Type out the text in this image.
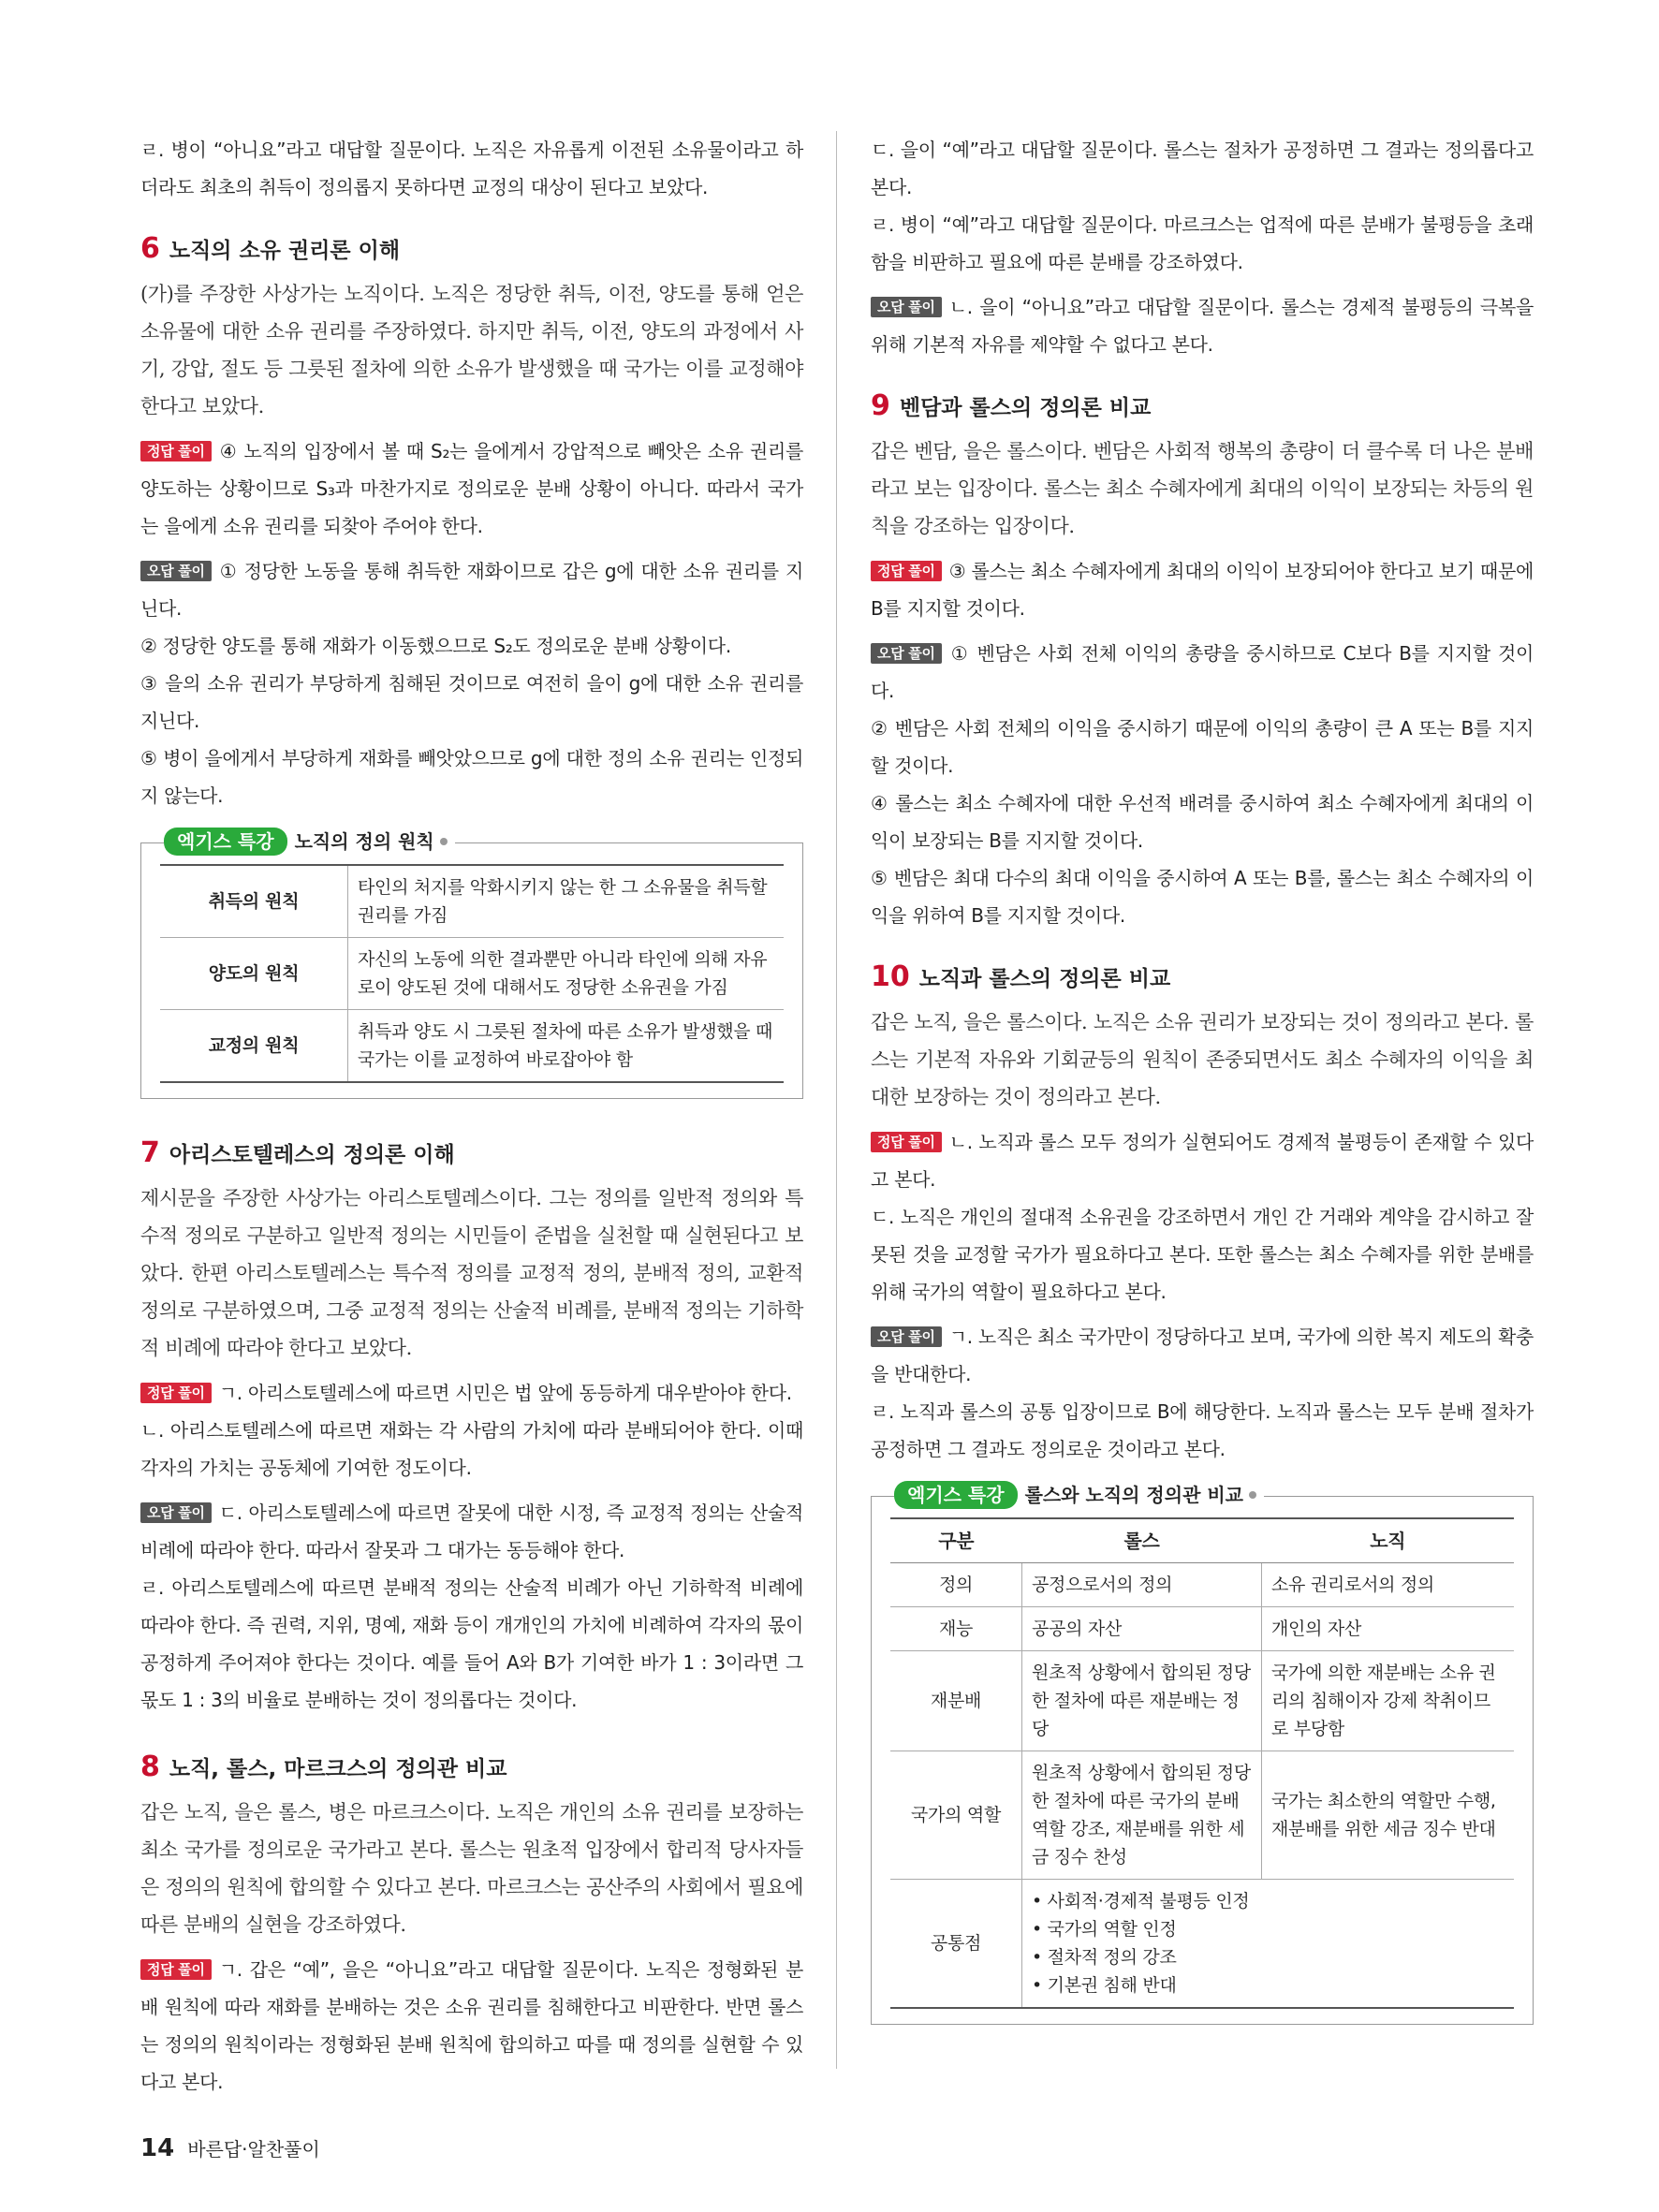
ㄹ. 병이 “아니요”라고 대답할 질문이다. 노직은 자유롭게 이전된 소유물이라고 하더라도 최초의 취득이 정의롭지 못하다면 교정의 대상이 된다고 보았다.

6 노직의 소유 권리론 이해

(가)를 주장한 사상가는 노직이다. 노직은 정당한 취득, 이전, 양도를 통해 얻은 소유물에 대한 소유 권리를 주장하였다. 하지만 취득, 이전, 양도의 과정에서 사기, 강압, 절도 등 그릇된 절차에 의한 소유가 발생했을 때 국가는 이를 교정해야 한다고 보았다.

정답 풀이 ④ 노직의 입장에서 볼 때 S₂는 을에게서 강압적으로 빼앗은 소유 권리를 양도하는 상황이므로 S₃과 마찬가지로 정의로운 분배 상황이 아니다. 따라서 국가는 을에게 소유 권리를 되찾아 주어야 한다.

오답 풀이 ① 정당한 노동을 통해 취득한 재화이므로 갑은 g에 대한 소유 권리를 지닌다.

② 정당한 양도를 통해 재화가 이동했으므로 S₂도 정의로운 분배 상황이다.

③ 을의 소유 권리가 부당하게 침해된 것이므로 여전히 을이 g에 대한 소유 권리를 지닌다.

⑤ 병이 을에게서 부당하게 재화를 빼앗았으므로 g에 대한 정의 소유 권리는 인정되지 않는다.

엑기스 특강 노직의 정의 원칙
취득의 원칙	타인의 처지를 악화시키지 않는 한 그 소유물을 취득할 권리를 가짐
양도의 원칙	자신의 노동에 의한 결과뿐만 아니라 타인에 의해 자유로이 양도된 것에 대해서도 정당한 소유권을 가짐
교정의 원칙	취득과 양도 시 그릇된 절차에 따른 소유가 발생했을 때 국가는 이를 교정하여 바로잡아야 함
7 아리스토텔레스의 정의론 이해

제시문을 주장한 사상가는 아리스토텔레스이다. 그는 정의를 일반적 정의와 특수적 정의로 구분하고 일반적 정의는 시민들이 준법을 실천할 때 실현된다고 보았다. 한편 아리스토텔레스는 특수적 정의를 교정적 정의, 분배적 정의, 교환적 정의로 구분하였으며, 그중 교정적 정의는 산술적 비례를, 분배적 정의는 기하학적 비례에 따라야 한다고 보았다.

정답 풀이 ㄱ. 아리스토텔레스에 따르면 시민은 법 앞에 동등하게 대우받아야 한다.

ㄴ. 아리스토텔레스에 따르면 재화는 각 사람의 가치에 따라 분배되어야 한다. 이때 각자의 가치는 공동체에 기여한 정도이다.

오답 풀이 ㄷ. 아리스토텔레스에 따르면 잘못에 대한 시정, 즉 교정적 정의는 산술적 비례에 따라야 한다. 따라서 잘못과 그 대가는 동등해야 한다.

ㄹ. 아리스토텔레스에 따르면 분배적 정의는 산술적 비례가 아닌 기하학적 비례에 따라야 한다. 즉 권력, 지위, 명예, 재화 등이 개개인의 가치에 비례하여 각자의 몫이 공정하게 주어져야 한다는 것이다. 예를 들어 A와 B가 기여한 바가 1 : 3이라면 그 몫도 1 : 3의 비율로 분배하는 것이 정의롭다는 것이다.

8 노직, 롤스, 마르크스의 정의관 비교

갑은 노직, 을은 롤스, 병은 마르크스이다. 노직은 개인의 소유 권리를 보장하는 최소 국가를 정의로운 국가라고 본다. 롤스는 원초적 입장에서 합리적 당사자들은 정의의 원칙에 합의할 수 있다고 본다. 마르크스는 공산주의 사회에서 필요에 따른 분배의 실현을 강조하였다.

정답 풀이 ㄱ. 갑은 “예”, 을은 “아니요”라고 대답할 질문이다. 노직은 정형화된 분배 원칙에 따라 재화를 분배하는 것은 소유 권리를 침해한다고 비판한다. 반면 롤스는 정의의 원칙이라는 정형화된 분배 원칙에 합의하고 따를 때 정의를 실현할 수 있다고 본다.

ㄷ. 을이 “예”라고 대답할 질문이다. 롤스는 절차가 공정하면 그 결과는 정의롭다고 본다.

ㄹ. 병이 “예”라고 대답할 질문이다. 마르크스는 업적에 따른 분배가 불평등을 초래함을 비판하고 필요에 따른 분배를 강조하였다.

오답 풀이 ㄴ. 을이 “아니요”라고 대답할 질문이다. 롤스는 경제적 불평등의 극복을 위해 기본적 자유를 제약할 수 없다고 본다.

9 벤담과 롤스의 정의론 비교

갑은 벤담, 을은 롤스이다. 벤담은 사회적 행복의 총량이 더 클수록 더 나은 분배라고 보는 입장이다. 롤스는 최소 수혜자에게 최대의 이익이 보장되는 차등의 원칙을 강조하는 입장이다.

정답 풀이 ③ 롤스는 최소 수혜자에게 최대의 이익이 보장되어야 한다고 보기 때문에 B를 지지할 것이다.

오답 풀이 ① 벤담은 사회 전체 이익의 총량을 중시하므로 C보다 B를 지지할 것이다.

② 벤담은 사회 전체의 이익을 중시하기 때문에 이익의 총량이 큰 A 또는 B를 지지할 것이다.

④ 롤스는 최소 수혜자에 대한 우선적 배려를 중시하여 최소 수혜자에게 최대의 이익이 보장되는 B를 지지할 것이다.

⑤ 벤담은 최대 다수의 최대 이익을 중시하여 A 또는 B를, 롤스는 최소 수혜자의 이익을 위하여 B를 지지할 것이다.

10 노직과 롤스의 정의론 비교

갑은 노직, 을은 롤스이다. 노직은 소유 권리가 보장되는 것이 정의라고 본다. 롤스는 기본적 자유와 기회균등의 원칙이 존중되면서도 최소 수혜자의 이익을 최대한 보장하는 것이 정의라고 본다.

정답 풀이 ㄴ. 노직과 롤스 모두 정의가 실현되어도 경제적 불평등이 존재할 수 있다고 본다.

ㄷ. 노직은 개인의 절대적 소유권을 강조하면서 개인 간 거래와 계약을 감시하고 잘못된 것을 교정할 국가가 필요하다고 본다. 또한 롤스는 최소 수혜자를 위한 분배를 위해 국가의 역할이 필요하다고 본다.

오답 풀이 ㄱ. 노직은 최소 국가만이 정당하다고 보며, 국가에 의한 복지 제도의 확충을 반대한다.

ㄹ. 노직과 롤스의 공통 입장이므로 B에 해당한다. 노직과 롤스는 모두 분배 절차가 공정하면 그 결과도 정의로운 것이라고 본다.

엑기스 특강 롤스와 노직의 정의관 비교
구분	롤스	노직
정의	공정으로서의 정의	소유 권리로서의 정의
재능	공공의 자산	개인의 자산
재분배	원초적 상황에서 합의된 정당한 절차에 따른 재분배는 정당	국가에 의한 재분배는 소유 권리의 침해이자 강제 착취이므로 부당함
국가의 역할	원초적 상황에서 합의된 정당한 절차에 따른 국가의 분배 역할 강조, 재분배를 위한 세금 징수 찬성	국가는 최소한의 역할만 수행, 재분배를 위한 세금 징수 반대
공통점	• 사회적·경제적 불평등 인정
• 국가의 역할 인정
• 절차적 정의 강조
• 기본권 침해 반대	
14 바른답·알찬풀이
